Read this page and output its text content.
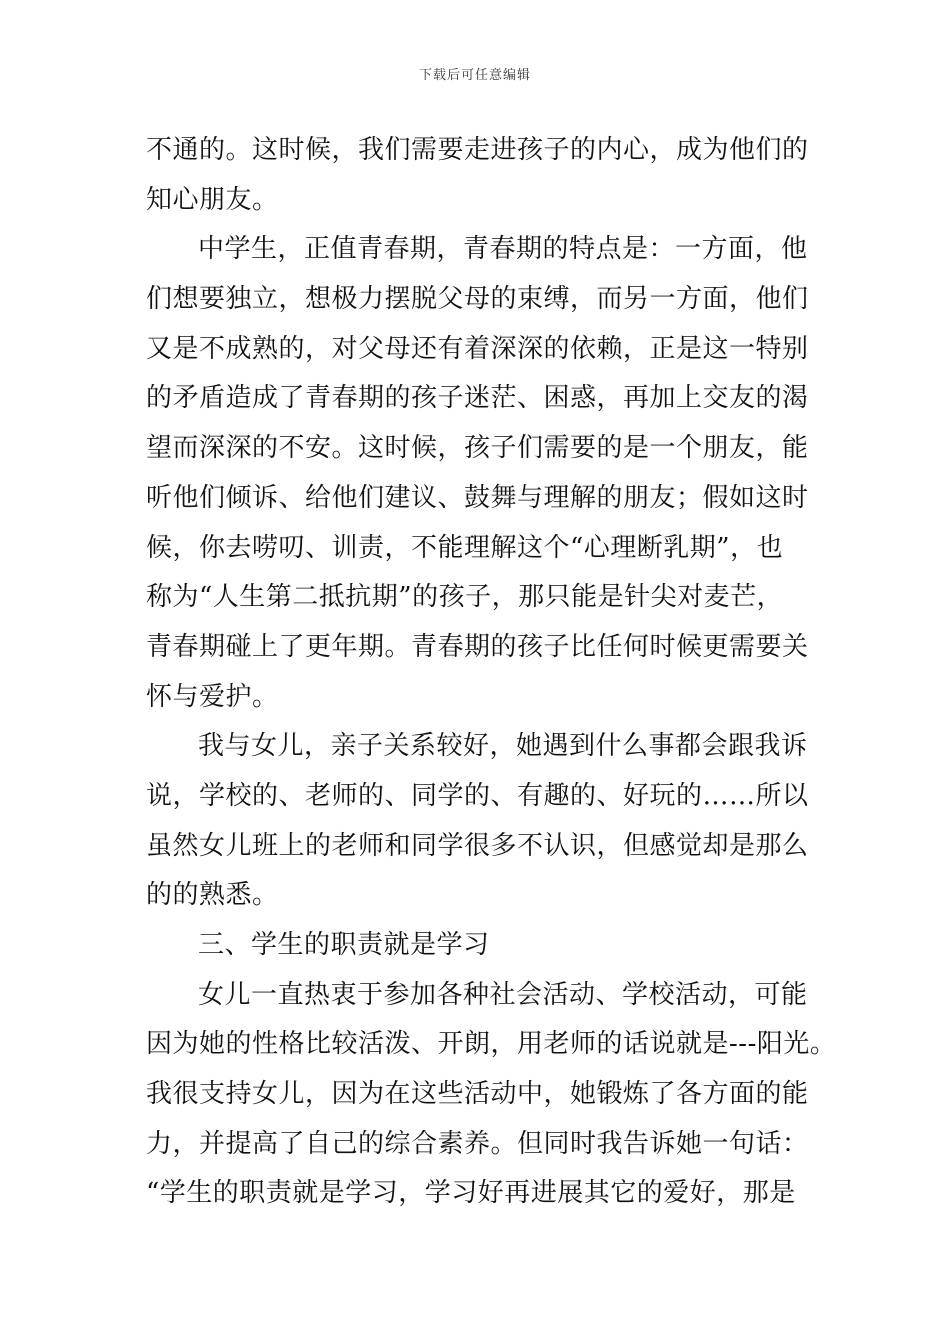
下载后可任意编辑
不通的。这时候，我们需要走进孩子的内心，成为他们的
知心朋友。
中学生，正值青春期，青春期的特点是：一方面，他
们想要独立，想极力摆脱父母的束缚，而另一方面，他们
又是不成熟的，对父母还有着深深的依赖，正是这一特别
的矛盾造成了青春期的孩子迷茫、困惑，再加上交友的渴
望而深深的不安。这时候，孩子们需要的是一个朋友，能
听他们倾诉、给他们建议、鼓舞与理解的朋友；假如这时
候，你去唠叨、训责，不能理解这个“心理断乳期”，也
称为“人生第二抵抗期”的孩子，那只能是针尖对麦芒，
青春期碰上了更年期。青春期的孩子比任何时候更需要关
怀与爱护。
我与女儿，亲子关系较好，她遇到什么事都会跟我诉
说，学校的、老师的、同学的、有趣的、好玩的……所以
虽然女儿班上的老师和同学很多不认识，但感觉却是那么
的的熟悉。
三、学生的职责就是学习
女儿一直热衷于参加各种社会活动、学校活动，可能
因为她的性格比较活泼、开朗，用老师的话说就是---阳光。
我很支持女儿，因为在这些活动中，她锻炼了各方面的能
力，并提高了自己的综合素养。但同时我告诉她一句话：
“学生的职责就是学习，学习好再进展其它的爱好，那是
